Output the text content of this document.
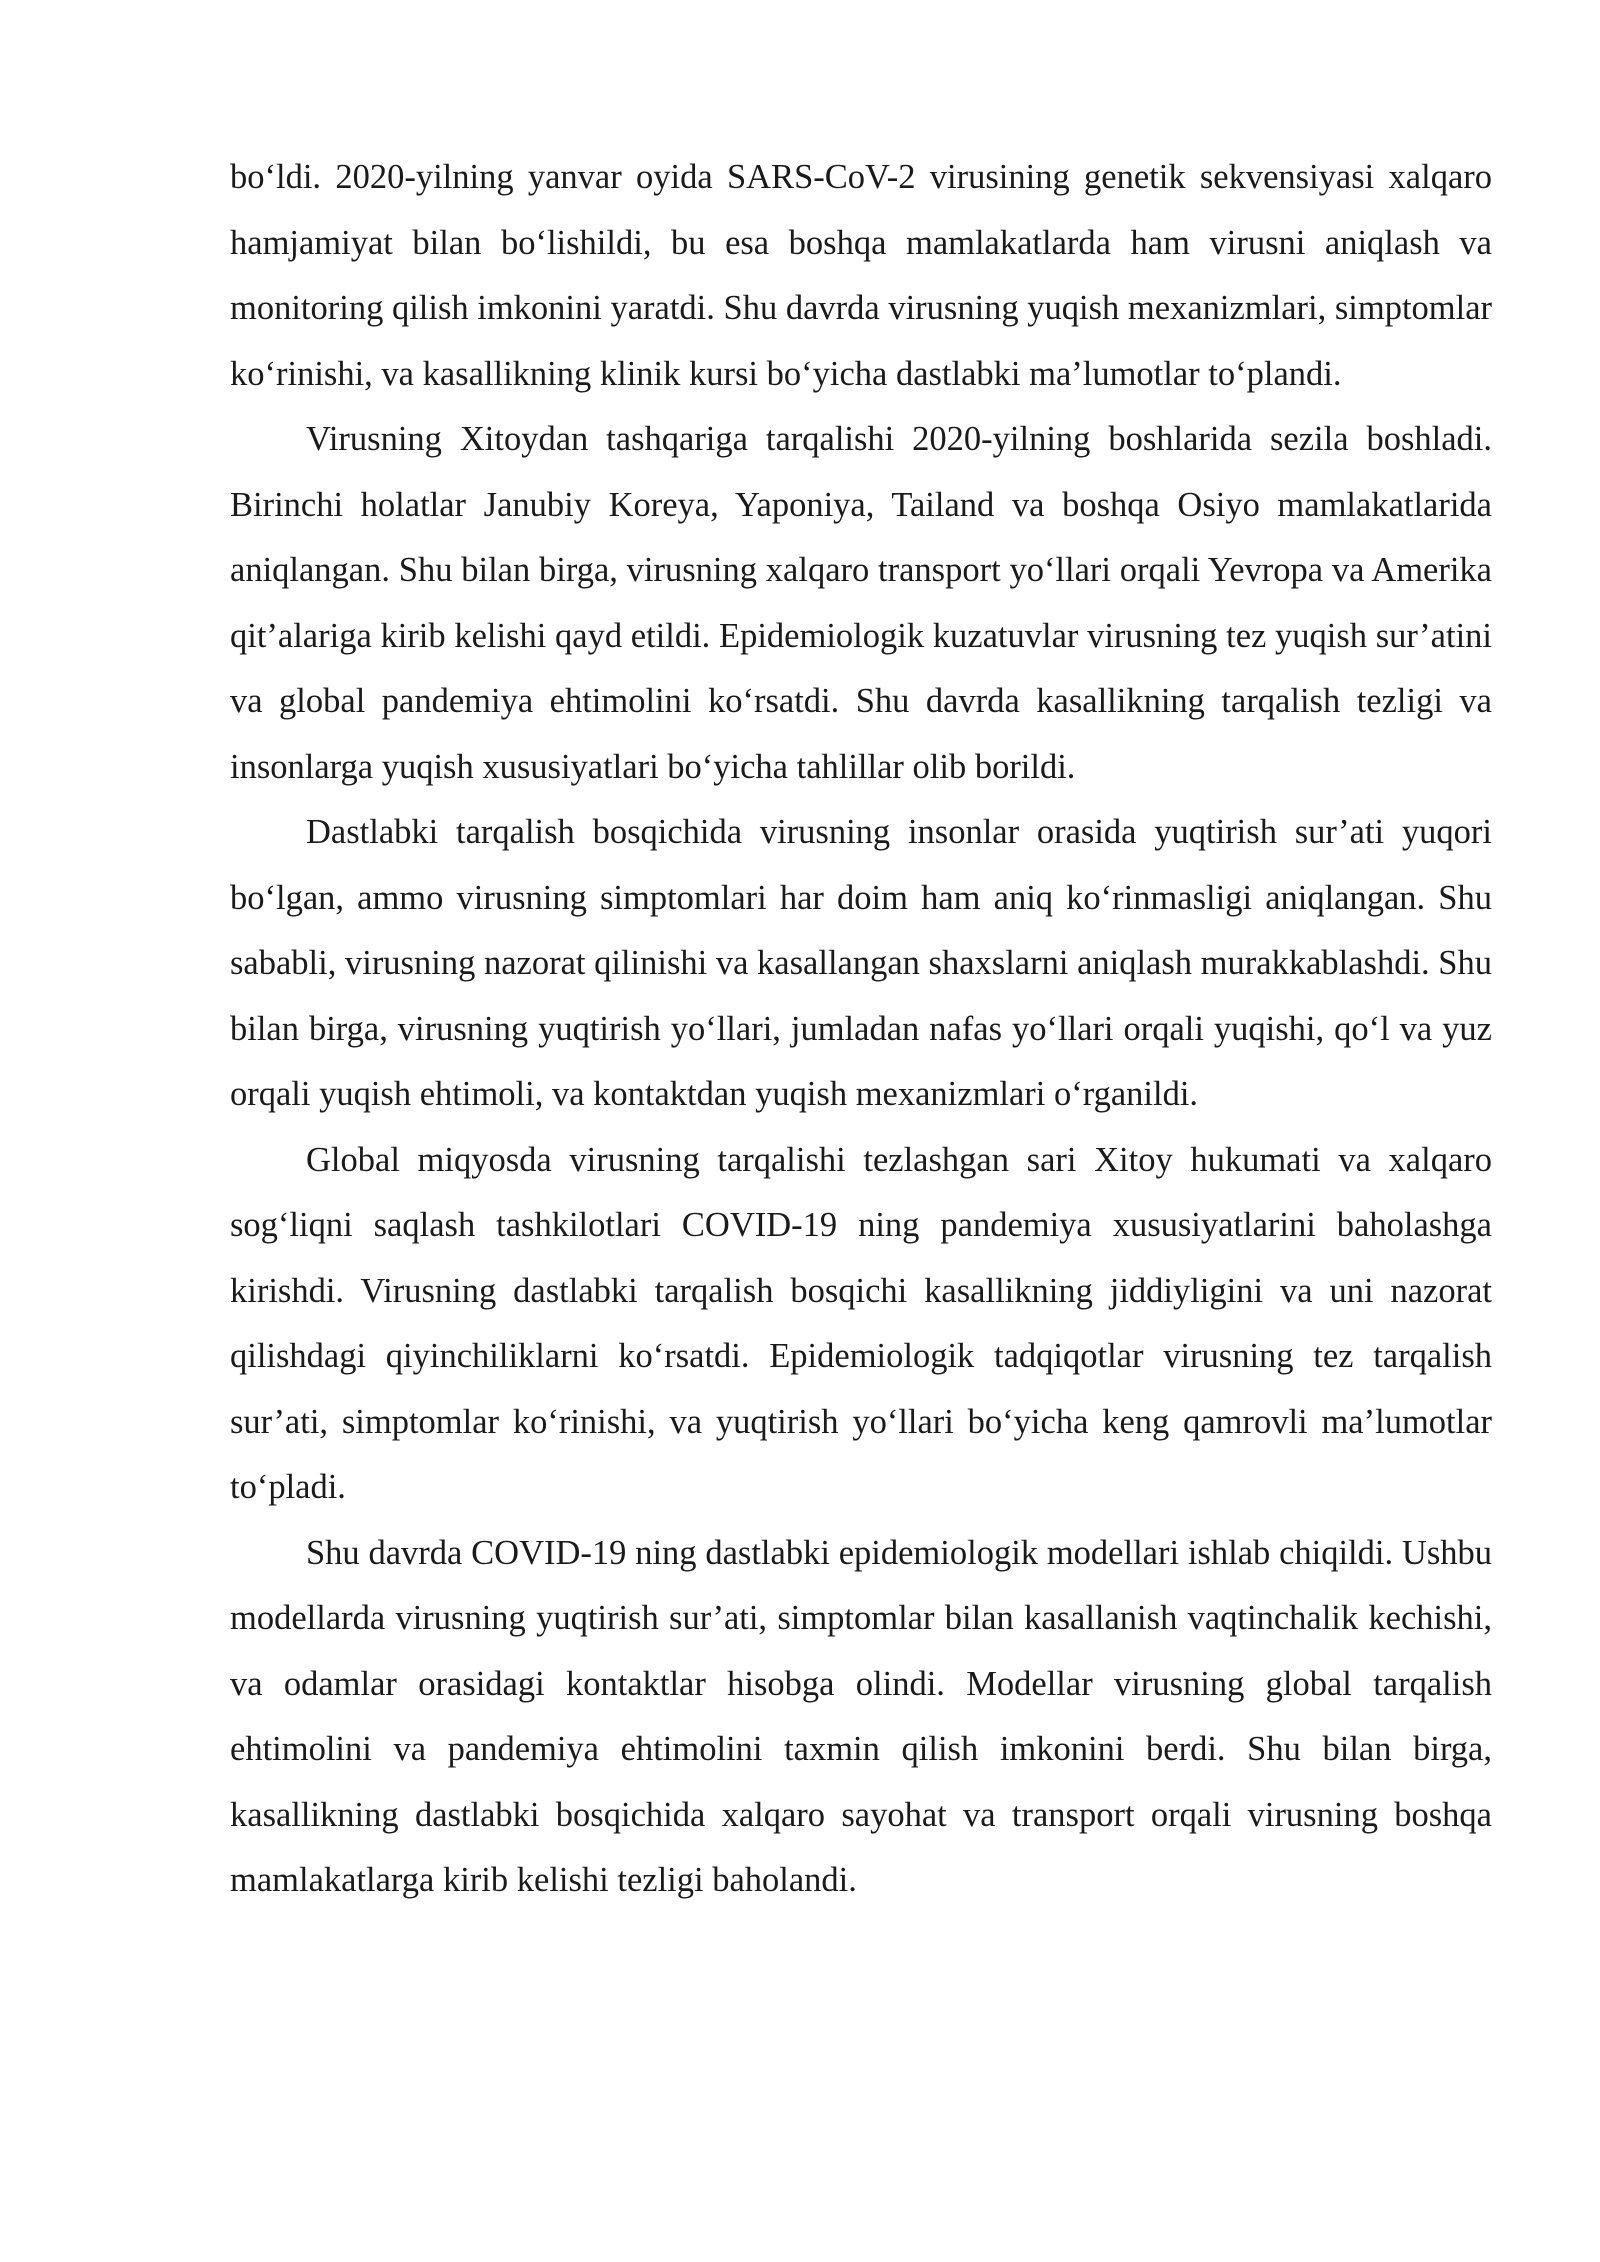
bo‘ldi. 2020-yilning yanvar oyida SARS-CoV-2 virusining genetik sekvensiyasi xalqaro hamjamiyat bilan bo‘lishildi, bu esa boshqa mamlakatlarda ham virusni aniqlash va monitoring qilish imkonini yaratdi. Shu davrda virusning yuqish mexanizmlari, simptomlar ko‘rinishi, va kasallikning klinik kursi bo‘yicha dastlabki ma’lumotlar to‘plandi.

Virusning Xitoydan tashqariga tarqalishi 2020-yilning boshlarida sezila boshladi. Birinchi holatlar Janubiy Koreya, Yaponiya, Tailand va boshqa Osiyo mamlakatlarida aniqlangan. Shu bilan birga, virusning xalqaro transport yo‘llari orqali Yevropa va Amerika qit’alariga kirib kelishi qayd etildi. Epidemiologik kuzatuvlar virusning tez yuqish sur’atini va global pandemiya ehtimolini ko‘rsatdi. Shu davrda kasallikning tarqalish tezligi va insonlarga yuqish xususiyatlari bo‘yicha tahlillar olib borildi.

Dastlabki tarqalish bosqichida virusning insonlar orasida yuqtirish sur’ati yuqori bo‘lgan, ammo virusning simptomlari har doim ham aniq ko‘rinmasligi aniqlangan. Shu sababli, virusning nazorat qilinishi va kasallangan shaxslarni aniqlash murakkablashdi. Shu bilan birga, virusning yuqtirish yo‘llari, jumladan nafas yo‘llari orqali yuqishi, qo‘l va yuz orqali yuqish ehtimoli, va kontaktdan yuqish mexanizmlari o‘rganildi.

Global miqyosda virusning tarqalishi tezlashgan sari Xitoy hukumati va xalqaro sog‘liqni saqlash tashkilotlari COVID-19 ning pandemiya xususiyatlarini baholashga kirishdi. Virusning dastlabki tarqalish bosqichi kasallikning jiddiyligini va uni nazorat qilishdagi qiyinchiliklarni ko‘rsatdi. Epidemiologik tadqiqotlar virusning tez tarqalish sur’ati, simptomlar ko‘rinishi, va yuqtirish yo‘llari bo‘yicha keng qamrovli ma’lumotlar to‘pladi.

Shu davrda COVID-19 ning dastlabki epidemiologik modellari ishlab chiqildi. Ushbu modellarda virusning yuqtirish sur’ati, simptomlar bilan kasallanish vaqtinchalik kechishi, va odamlar orasidagi kontaktlar hisobga olindi. Modellar virusning global tarqalish ehtimolini va pandemiya ehtimolini taxmin qilish imkonini berdi. Shu bilan birga, kasallikning dastlabki bosqichida xalqaro sayohat va transport orqali virusning boshqa mamlakatlarga kirib kelishi tezligi baholandi.
